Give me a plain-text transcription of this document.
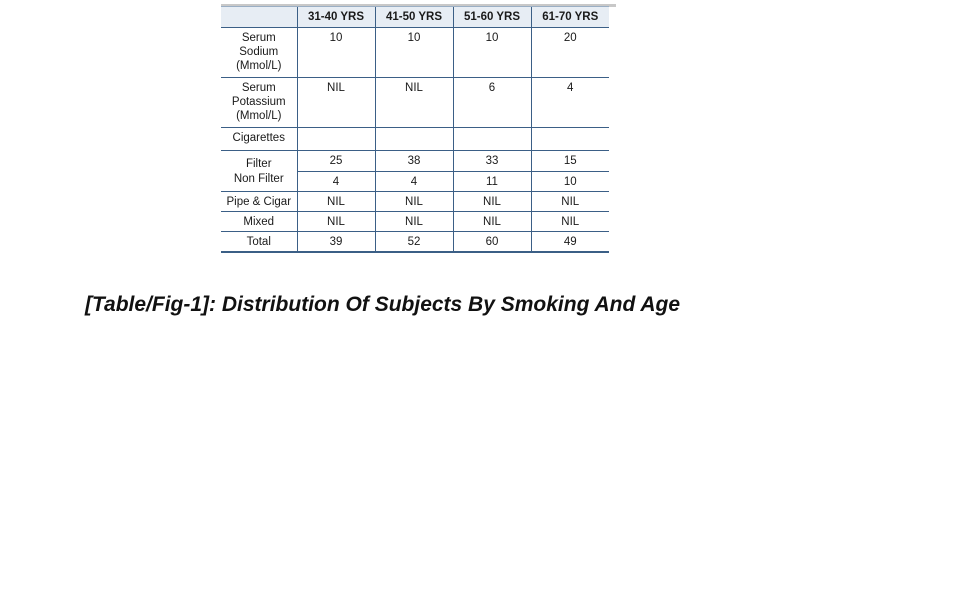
	31-40 YRS	41-50 YRS	51-60 YRS	61-70 YRS
Serum
Sodium
(Mmol/L)	10	10	10	20
Serum
Potassium
(Mmol/L)	NIL	NIL	6	4
Cigarettes				
Filter	25	38	33	15
Non Filter	4	4	11	10
Pipe & Cigar	NIL	NIL	NIL	NIL
Mixed	NIL	NIL	NIL	NIL
Total	39	52	60	49

[Table/Fig-1]: Distribution Of Subjects By Smoking And Age
